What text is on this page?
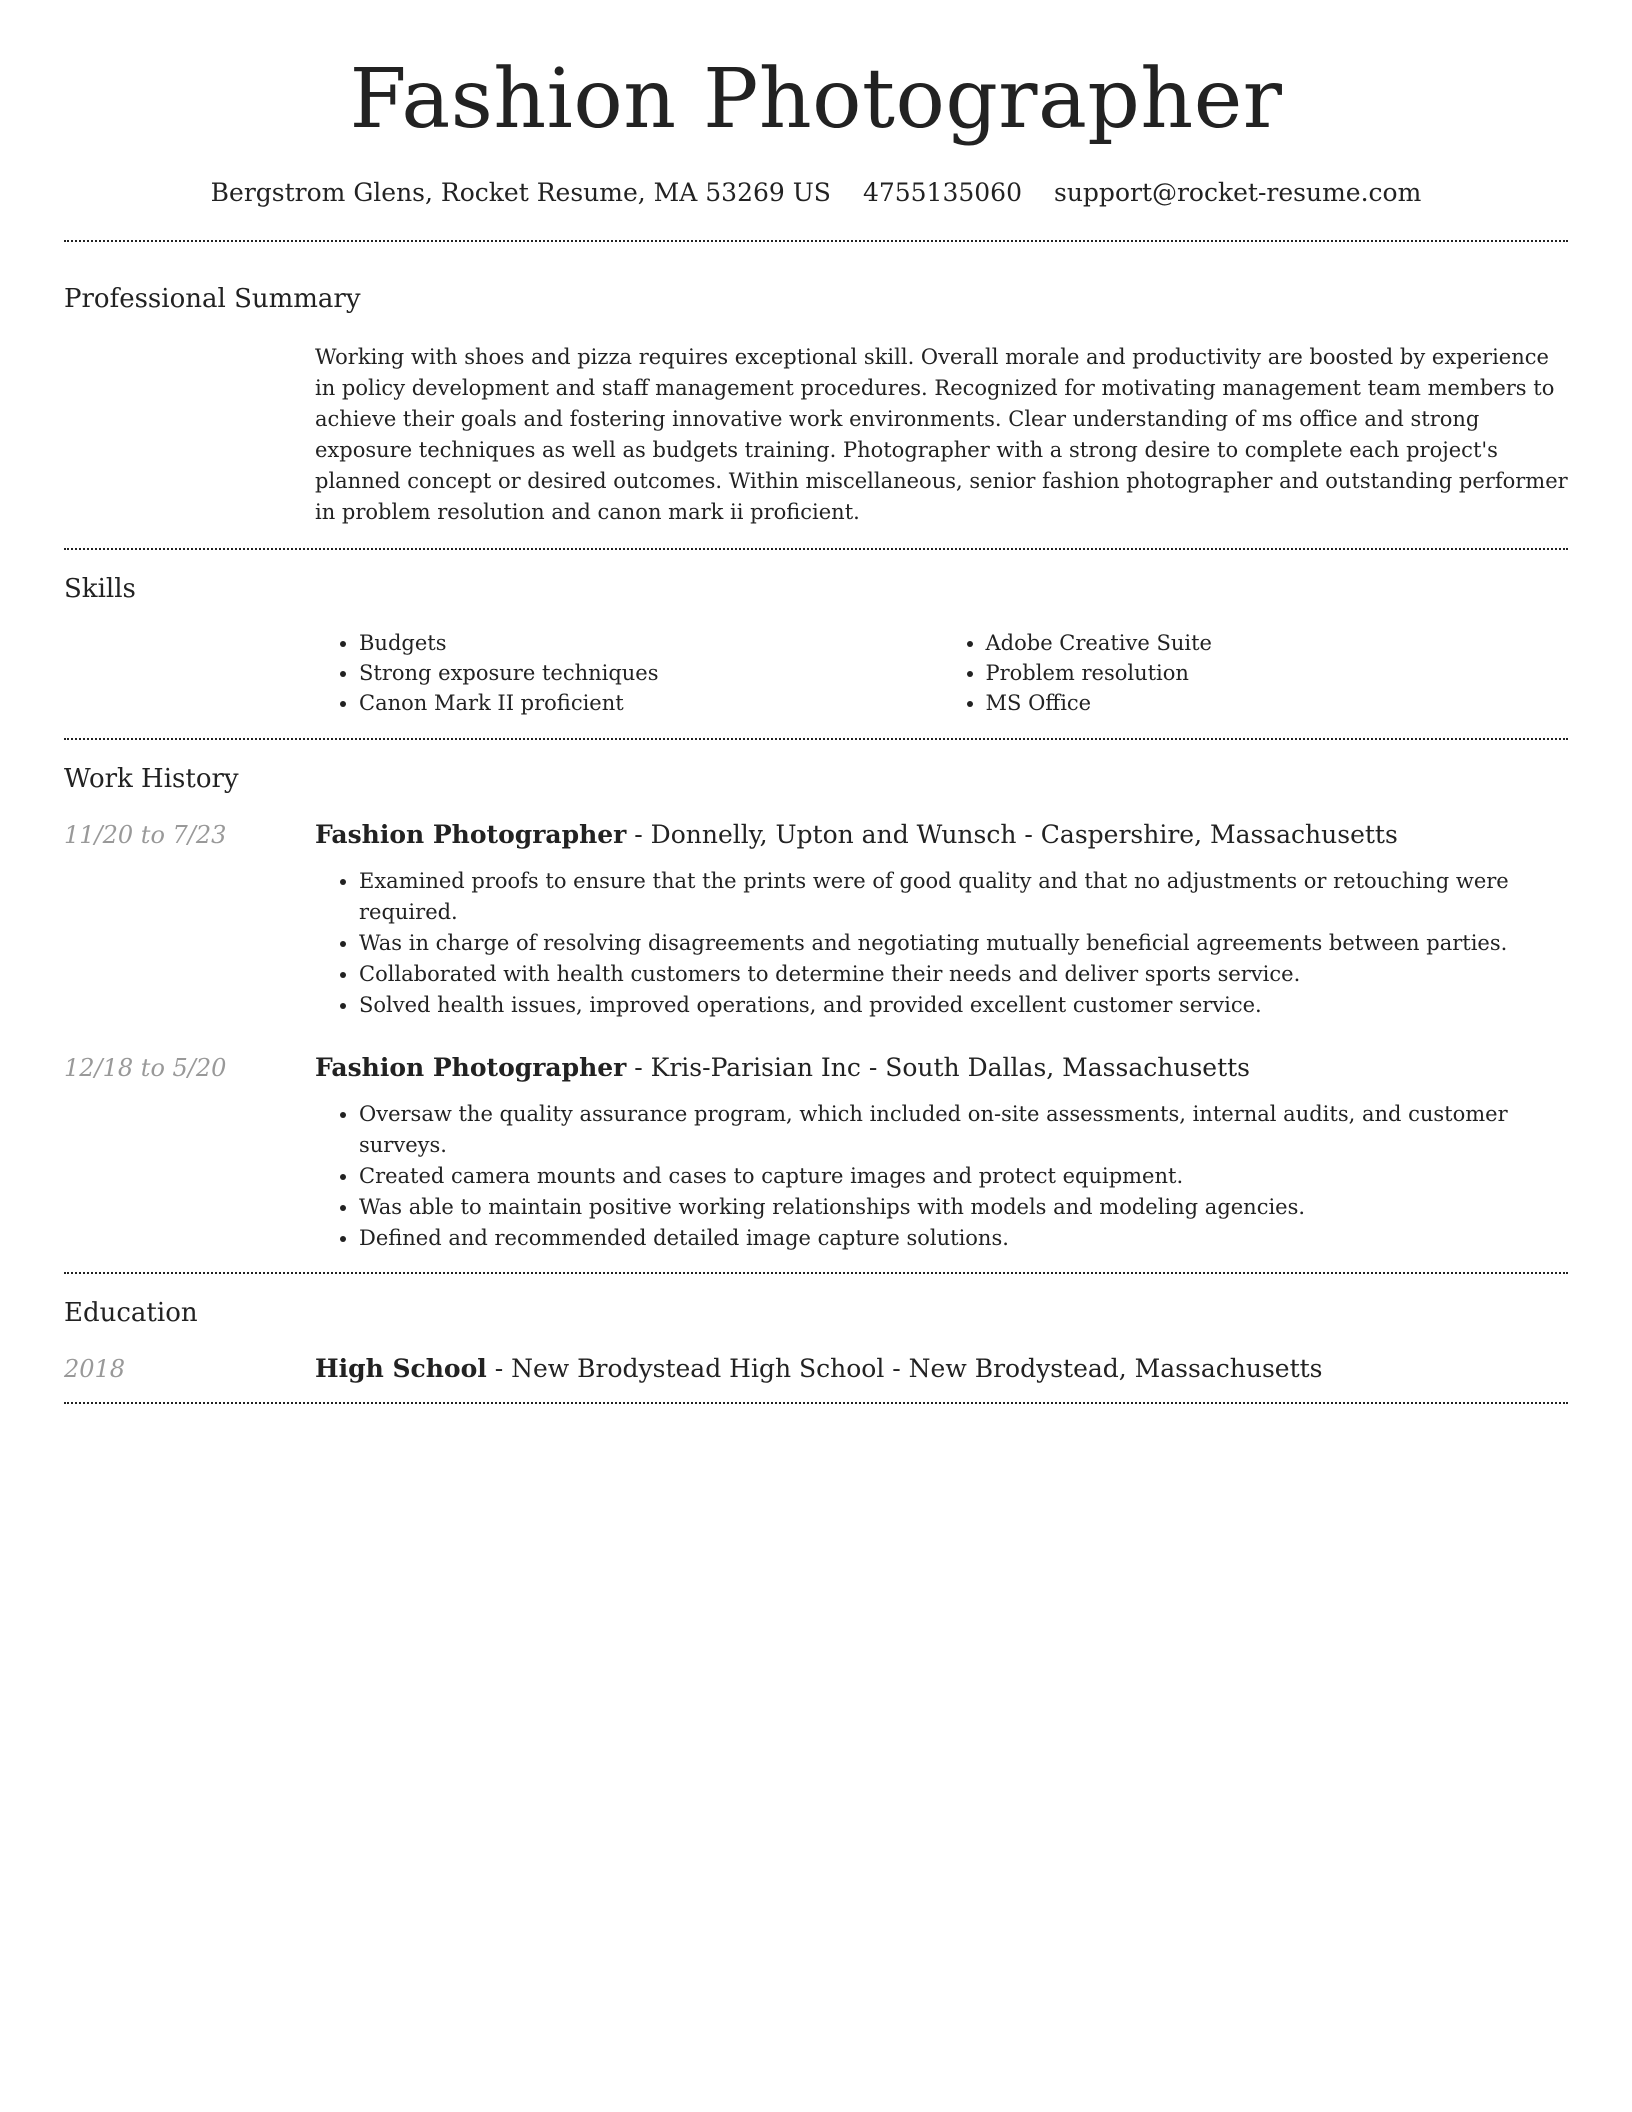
Fashion Photographer
Bergstrom Glens, Rocket Resume, MA 53269 US 4755135060 support@rocket-resume.com
Professional Summary

Working with shoes and pizza requires exceptional skill. Overall morale and productivity are boosted by experience in policy development and staff management procedures. Recognized for motivating management team members to achieve their goals and fostering innovative work environments. Clear understanding of ms office and strong exposure techniques as well as budgets training. Photographer with a strong desire to complete each project's planned concept or desired outcomes. Within miscellaneous, senior fashion photographer and outstanding performer in problem resolution and canon mark ii proficient.

Skills
• Budgets
• Strong exposure techniques
• Canon Mark II proficient
• Adobe Creative Suite
• Problem resolution
• MS Office
Work History
11/20 to 7/23	Fashion Photographer - Donnelly, Upton and Wunsch - Caspershire, Massachusetts
• Examined proofs to ensure that the prints were of good quality and that no adjustments or retouching were required.
• Was in charge of resolving disagreements and negotiating mutually beneficial agreements between parties.
• Collaborated with health customers to determine their needs and deliver sports service.
• Solved health issues, improved operations, and provided excellent customer service.
12/18 to 5/20	Fashion Photographer - Kris-Parisian Inc - South Dallas, Massachusetts
• Oversaw the quality assurance program, which included on-site assessments, internal audits, and customer surveys.
• Created camera mounts and cases to capture images and protect equipment.
• Was able to maintain positive working relationships with models and modeling agencies.
• Defined and recommended detailed image capture solutions.
Education
2018	High School - New Brodystead High School - New Brodystead, Massachusetts
